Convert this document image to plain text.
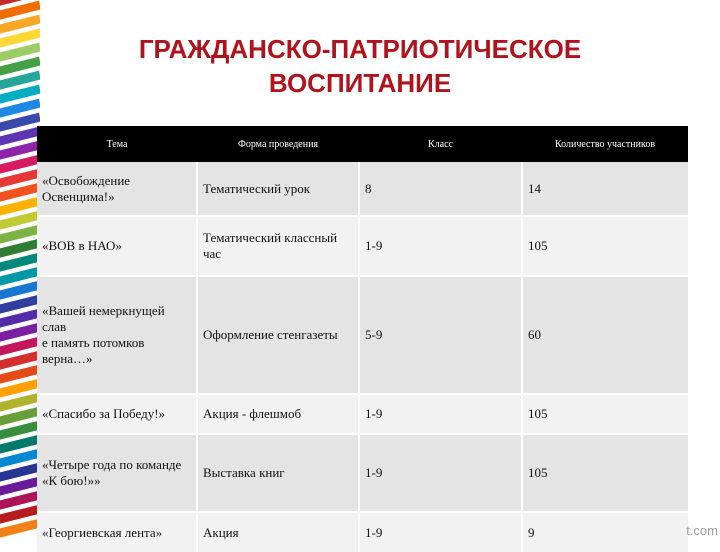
ГРАЖДАНСКО-ПАТРИОТИЧЕСКОЕ
ВОСПИТАНИЕ
Тема	Форма проведения	Класс	Количество участников
«Освобождение Освенцима!»	Тематический урок	8	14
«ВОВ в НАО»	Тематический классный час	1-9	105

«Вашей немеркнущей
слав
е память потомков
верна…»	Оформление стенгазеты	5-9	60
«Спасибо за Победу!»	Акция - флешмоб	1-9	105
«Четыре года по команде «К бою!»»	Выставка книг	1-9	105
«Георгиевская лента»	Акция	1-9	9	t.com
